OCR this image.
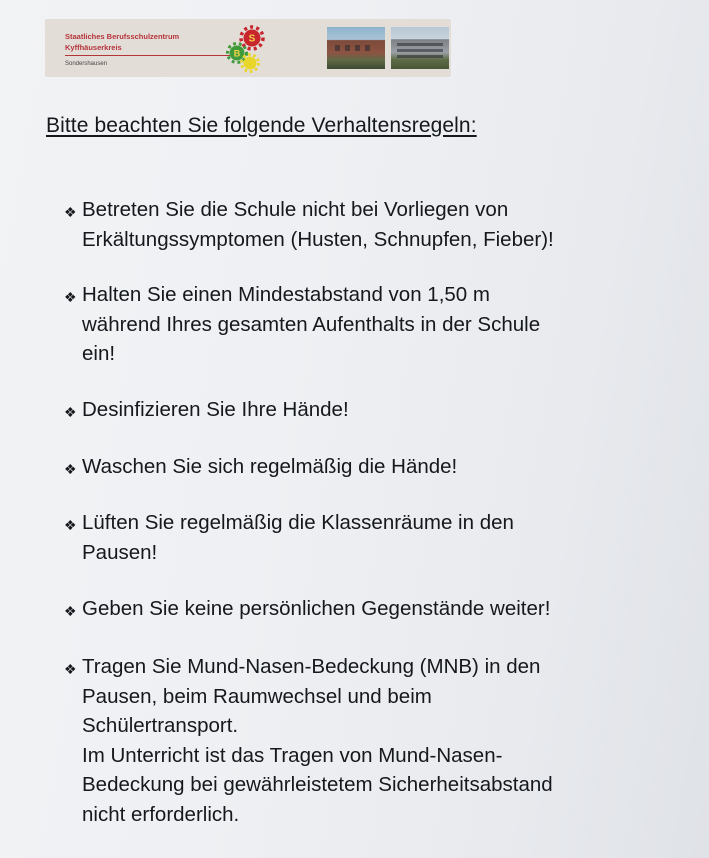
Staatliches Berufsschulzentrum
Kyffhäuserkreis
Sondershausen
S
B
Bitte beachten Sie folgende Verhaltensregeln:
❖ Betreten Sie die Schule nicht bei Vorliegen von
Erkältungssymptomen (Husten, Schnupfen, Fieber)!
❖ Halten Sie einen Mindestabstand von 1,50 m
während Ihres gesamten Aufenthalts in der Schule
ein!
❖ Desinfizieren Sie Ihre Hände!
❖ Waschen Sie sich regelmäßig die Hände!
❖ Lüften Sie regelmäßig die Klassenräume in den
Pausen!
❖ Geben Sie keine persönlichen Gegenstände weiter!
❖ Tragen Sie Mund-Nasen-Bedeckung (MNB) in den
Pausen, beim Raumwechsel und beim
Schülertransport.
Im Unterricht ist das Tragen von Mund-Nasen-
Bedeckung bei gewährleistetem Sicherheitsabstand
nicht erforderlich.
